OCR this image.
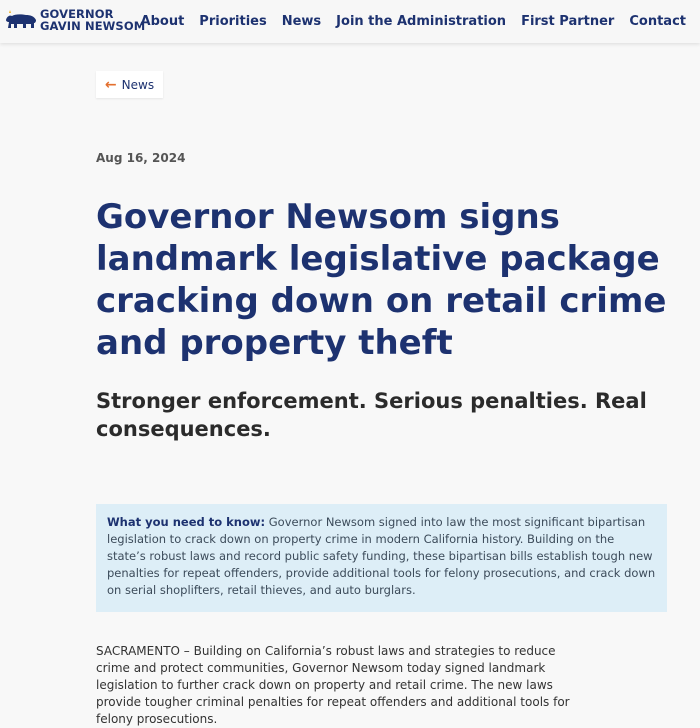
GOVERNOR
GAVIN NEWSOM
About Priorities News Join the Administration First Partner Contact
← News
Aug 16, 2024
Governor Newsom signs landmark legislative package cracking down on retail crime and property theft
Stronger enforcement. Serious penalties. Real consequences.
What you need to know: Governor Newsom signed into law the most significant bipartisan legislation to crack down on property crime in modern California history. Building on the state’s robust laws and record public safety funding, these bipartisan bills establish tough new penalties for repeat offenders, provide additional tools for felony prosecutions, and crack down on serial shoplifters, retail thieves, and auto burglars.

SACRAMENTO – Building on California’s robust laws and strategies to reduce crime and protect communities, Governor Newsom today signed landmark legislation to further crack down on property and retail crime. The new laws provide tougher criminal penalties for repeat offenders and additional tools for felony prosecutions.
